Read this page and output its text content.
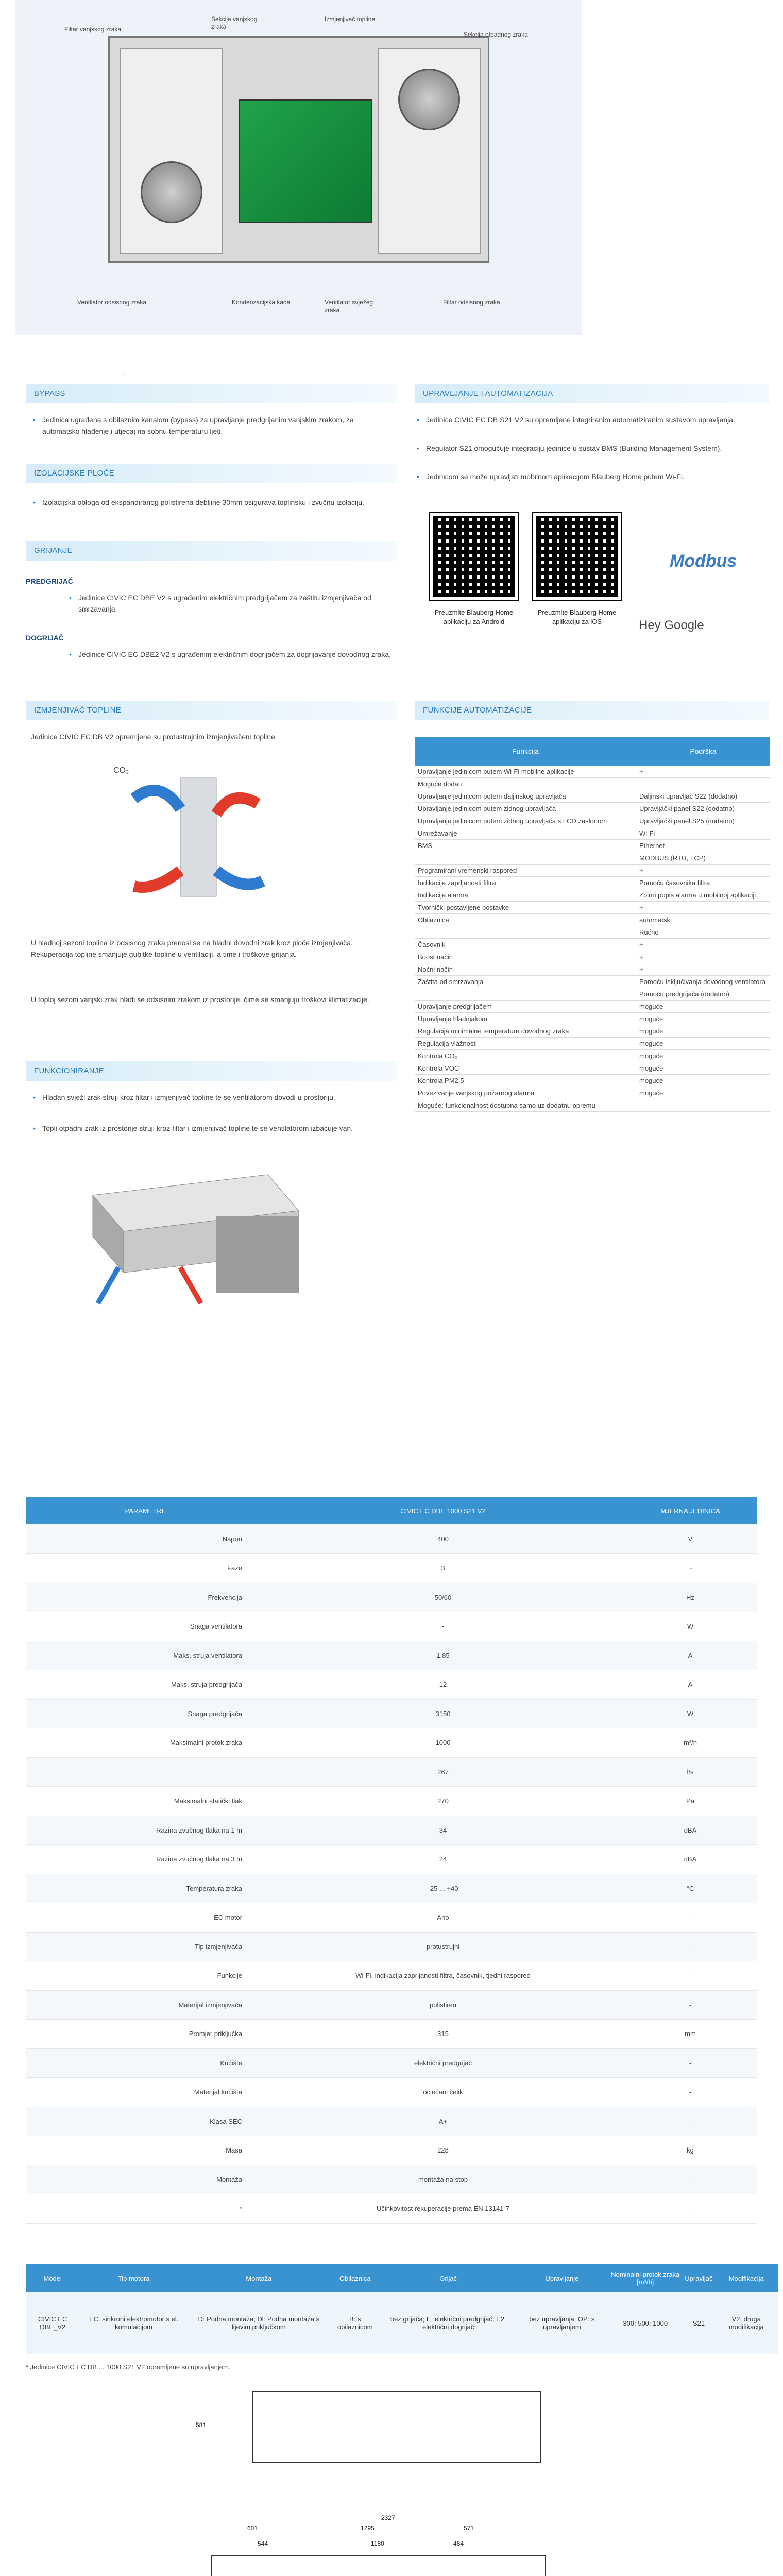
Filtar vanjskog zraka
Sekcija vanjskog zraka
Izmjenjivač topline
Sekcija otpadnog zraka
Ventilator odsisnog zraka	Kondenzacijska kada	Ventilator svježeg zraka
Filtar odsisnog zraka
·
BYPASS
• Jedinica ugrađena s obilaznim kanalom (bypass) za upravljanje predgrijanim vanjskim zrakom, za automatsko hlađenje i utjecaj na sobnu temperaturu ljeti.
IZOLACIJSKE PLOČE
• Izolacijska obloga od ekspandiranog polistirena debljine 30mm osigurava toplinsku i zvučnu izolaciju.
GRIJANJE
PREDGRIJAČ
• Jedinice CIVIC EC DBE V2 s ugrađenim električnim predgrijačem za zaštitu izmjenjivača od smrzavanja.
DOGRIJAČ
• Jedinice CIVIC EC DBE2 V2 s ugrađenim električnim dogrijačem za dogrijavanje dovodnog zraka.
IZMJENJIVAČ TOPLINE
Jedinice CIVIC EC DB V2 opremljene su protustrujnim izmjenjivačem topline.
CO₂
U hladnoj sezoni toplina iz odsisnog zraka prenosi se na hladni dovodni zrak kroz ploče izmjenjivača. Rekuperacija topline smanjuje gubitke topline u ventilaciji, a time i troškove grijanja.
U toploj sezoni vanjski zrak hladi se odsisnim zrakom iz prostorije, čime se smanjuju troškovi klimatizacije.
FUNKCIONIRANJE
• Hladan svježi zrak struji kroz filtar i izmjenjivač topline te se ventilatorom dovodi u prostoriju.
• Topli otpadni zrak iz prostorije struji kroz filtar i izmjenjivač topline te se ventilatorom izbacuje van.
UPRAVLJANJE I AUTOMATIZACIJA
• Jedinice CIVIC EC DB S21 V2 su opremljene integriranim automatiziranim sustavom upravljanja.
• Regulator S21 omogućuje integraciju jedinice u sustav BMS (Building Management System).
• Jedinicom se može upravljati mobilnom aplikacijom Blauberg Home putem Wi-Fi.
Preuzmite Blauberg Home aplikaciju za Android
Preuzmite Blauberg Home aplikaciju za iOS
Modbus
Hey Google
FUNKCIJE AUTOMATIZACIJE
Funkcija	Podrška
Upravljanje jedinicom putem Wi-Fi mobilne aplikacije	+
Moguće dodati	
Upravljanje jedinicom putem daljinskog upravljača	Daljinski upravljač S22 (dodatno)
Upravljanje jedinicom putem zidnog upravljača	Upravljački panel S22 (dodatno)
Upravljanje jedinicom putem zidnog upravljača s LCD zaslonom	Upravljački panel S25 (dodatno)
Umrežavanje	Wi-Fi
BMS	Ethernet
	MODBUS (RTU, TCP)
Programirani vremenski raspored	+
Indikacija zaprljanosti filtra	Pomoću časovnika filtra
Indikacija alarma	Zbirni popis alarma u mobilnoj aplikaciji
Tvornički postavljene postavke	+
Obilaznica	automatski
	Ručno
Časovnik	+
Boost način	+
Noćni način	+
Zaštita od smrzavanja	Pomoću isključivanja dovodnog ventilatora
	Pomoću predgrijača (dodatno)
Upravljanje predgrijačem	moguće
Upravljanje hladnjakom	moguće
Regulacija minimalne temperature dovodnog zraka	moguće
Regulacija vlažnosti	moguće
Kontrola CO₂	moguće
Kontrola VOC	moguće
Kontrola PM2.5	moguće
Povezivanje vanjskog požarnog alarma	moguće
Moguće: funkcionalnost dostupna samo uz dodatnu opremu	
PARAMETRI	CIVIC EC DBE 1000 S21 V2	MJERNA JEDINICA
Napon	400	V
Faze	3	~
Frekvencija	50/60	Hz
Snaga ventilatora	-	W
Maks. struja ventilatora	1,85	A
Maks. struja predgrijača	12	A
Snaga predgrijača	3150	W
Maksimalni protok zraka	1000	m³/h
	267	l/s
Maksimalni statički tlak	270	Pa
Razina zvučnog tlaka na 1 m	34	dBA
Razina zvučnog tlaka na 3 m	24	dBA
Temperatura zraka	-25 ... +40	°C
EC motor	Ano	-
Tip izmjenjivača	protustrujni	-
Funkcije	Wi-Fi, indikacija zaprljanosti filtra, časovnik, tjedni raspored	-
Materijal izmjenjivača	polistiren	-
Promjer priključka	315	mm
Kućište	električni predgrijač	-
Materijal kućišta	ocinčani čelik	-
Klasa SEC	A+	-
Masa	228	kg
Montaža	montaža na stop	-
*	Učinkovitost rekuperacije prema EN 13141-7	-
Model	Tip motora	Montaža	Obilaznica	Grijač	Upravljanje	Nominalni protok zraka [m³/h]	Upravljač	Modifikacija
CIVIC EC DBE_V2	EC: sinkroni elektromotor s el. komutacijom	D: Podna montaža; Dl: Podna montaža s lijevim priključkom	B: s obilaznicom	bez grijača; E: električni predgrijač; E2: električni dogrijač	bez upravljanja; OP: s upravljanjem	300; 500; 1000	S21	V2: druga modifikacija
* Jedinice CIVIC EC DB ... 1000 S21 V2 opremljene su upravljanjem.
2327
601	1295	571
544	1180	484
581
